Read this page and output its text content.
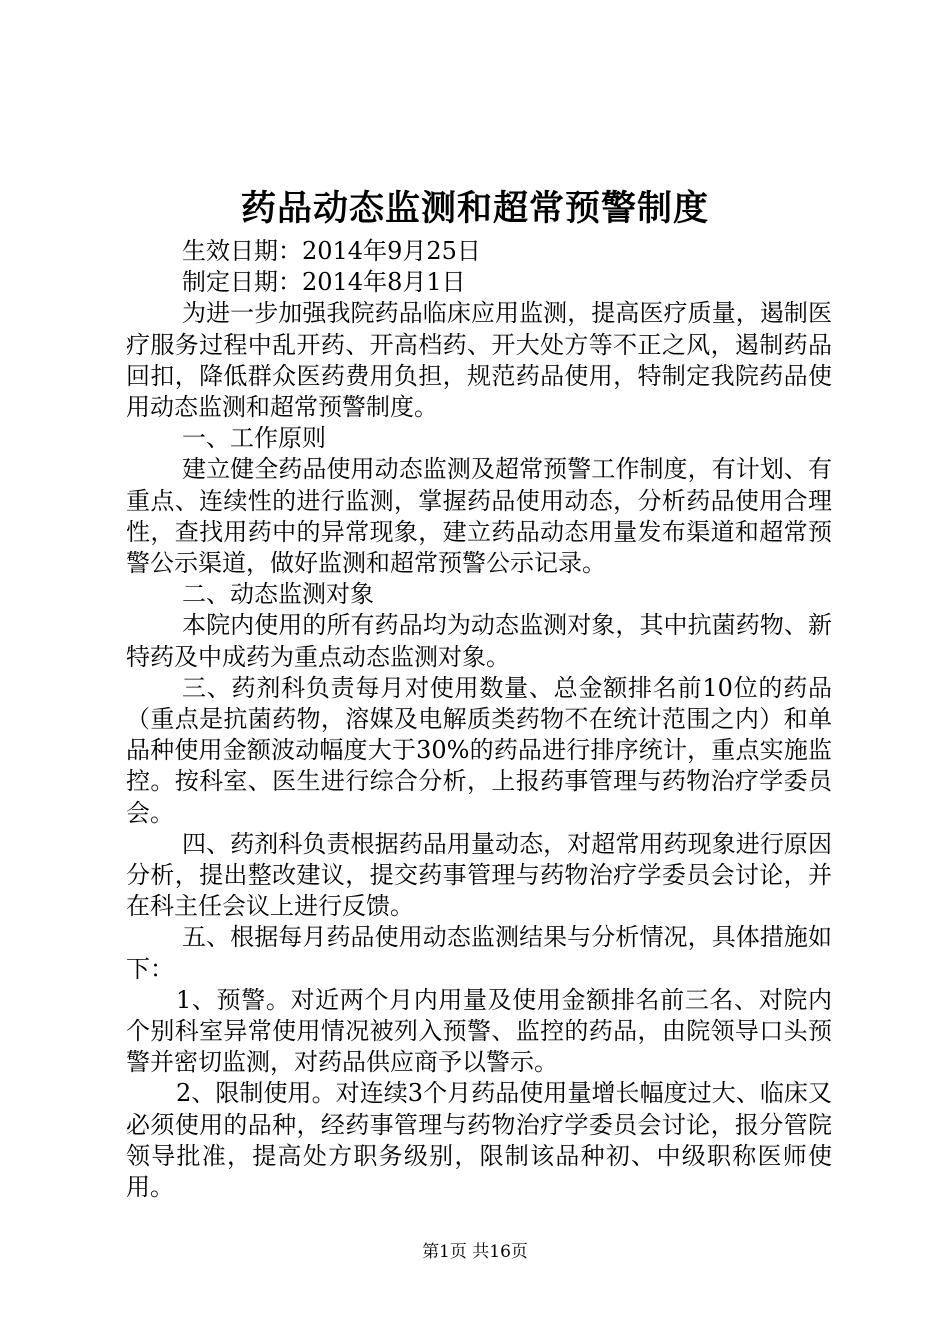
药品动态监测和超常预警制度

生效日期：2014年9月25日

制定日期：2014年8月1日

为进一步加强我院药品临床应用监测，提高医疗质量，遏制医疗服务过程中乱开药、开高档药、开大处方等不正之风，遏制药品回扣，降低群众医药费用负担，规范药品使用，特制定我院药品使用动态监测和超常预警制度。

一、工作原则

建立健全药品使用动态监测及超常预警工作制度，有计划、有重点、连续性的进行监测，掌握药品使用动态，分析药品使用合理性，查找用药中的异常现象，建立药品动态用量发布渠道和超常预警公示渠道，做好监测和超常预警公示记录。

二、动态监测对象

本院内使用的所有药品均为动态监测对象，其中抗菌药物、新特药及中成药为重点动态监测对象。

三、药剂科负责每月对使用数量、总金额排名前10位的药品（重点是抗菌药物，溶媒及电解质类药物不在统计范围之内）和单品种使用金额波动幅度大于30%的药品进行排序统计，重点实施监控。按科室、医生进行综合分析，上报药事管理与药物治疗学委员会。

四、药剂科负责根据药品用量动态，对超常用药现象进行原因分析，提出整改建议，提交药事管理与药物治疗学委员会讨论，并在科主任会议上进行反馈。

五、根据每月药品使用动态监测结果与分析情况，具体措施如下：

1、预警。对近两个月内用量及使用金额排名前三名、对院内个别科室异常使用情况被列入预警、监控的药品，由院领导口头预警并密切监测，对药品供应商予以警示。

2、限制使用。对连续3个月药品使用量增长幅度过大、临床又必须使用的品种，经药事管理与药物治疗学委员会讨论，报分管院领导批准，提高处方职务级别，限制该品种初、中级职称医师使用。

第1页 共16页
